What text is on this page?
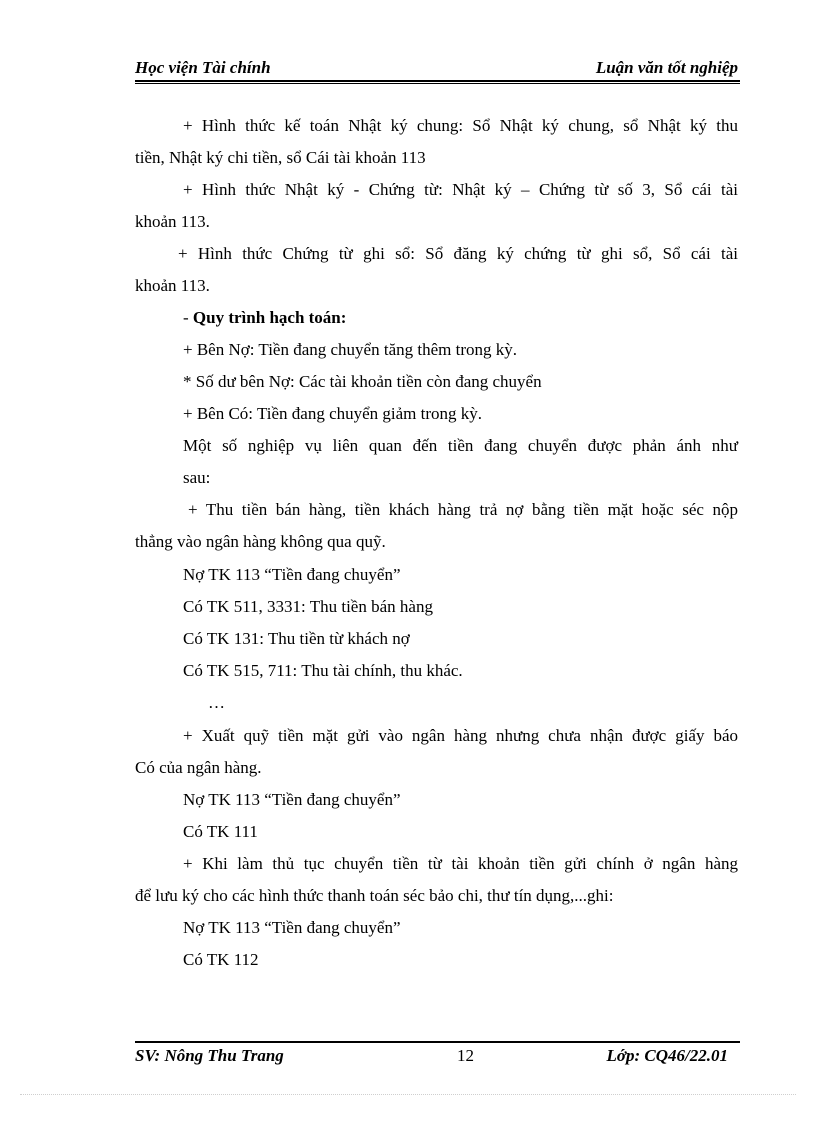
Học viện Tài chính	Luận văn tốt nghiệp
+ Hình thức kế toán Nhật ký chung: Sổ Nhật ký chung, sổ Nhật ký thu
tiền, Nhật ký chi tiền, sổ Cái tài khoản 113
+ Hình thức Nhật ký - Chứng từ: Nhật ký – Chứng từ số 3, Sổ cái tài
khoản 113.
+ Hình thức Chứng từ ghi sổ: Sổ đăng ký chứng từ ghi sổ, Sổ cái tài
khoản 113.
- Quy trình hạch toán:
+ Bên Nợ: Tiền đang chuyển tăng thêm trong kỳ.
* Số dư bên Nợ: Các tài khoản tiền còn đang chuyển
+ Bên Có: Tiền đang chuyển giảm trong kỳ.
Một số nghiệp vụ liên quan đến tiền đang chuyển được phản ánh như
sau:
+ Thu tiền bán hàng, tiền khách hàng trả nợ bằng tiền mặt hoặc séc nộp
thẳng vào ngân hàng không qua quỹ.
Nợ TK 113 “Tiền đang chuyển”
Có TK 511, 3331: Thu tiền bán hàng
Có TK 131: Thu tiền từ khách nợ
Có TK 515, 711: Thu tài chính, thu khác.
…
+ Xuất quỹ tiền mặt gửi vào ngân hàng nhưng chưa nhận được giấy báo
Có của ngân hàng.
Nợ TK 113 “Tiền đang chuyển”
Có TK 111
+ Khi làm thủ tục chuyển tiền từ tài khoản tiền gửi chính ở ngân hàng
để lưu ký cho các hình thức thanh toán séc bảo chi, thư tín dụng,...ghi:
Nợ TK 113 “Tiền đang chuyển”
Có TK 112
SV: Nông Thu Trang	12	Lớp: CQ46/22.01
